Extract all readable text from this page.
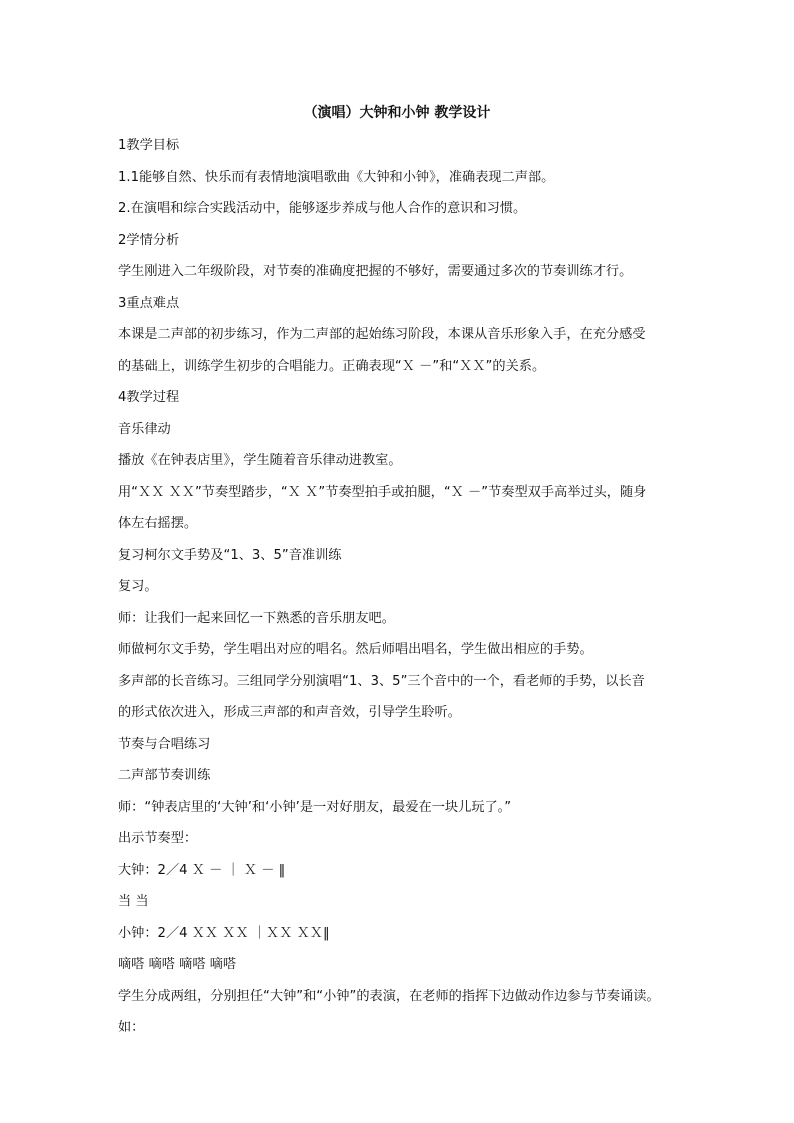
（演唱）大钟和小钟 教学设计
1教学目标
1.1能够自然、快乐而有表情地演唱歌曲《大钟和小钟》，准确表现二声部。
2.在演唱和综合实践活动中，能够逐步养成与他人合作的意识和习惯。
2学情分析
学生刚进入二年级阶段，对节奏的准确度把握的不够好，需要通过多次的节奏训练才行。
3重点难点
本课是二声部的初步练习，作为二声部的起始练习阶段，本课从音乐形象入手，在充分感受
的基础上，训练学生初步的合唱能力。正确表现“Ｘ －”和“ＸＸ”的关系。
4教学过程
音乐律动
播放《在钟表店里》，学生随着音乐律动进教室。
用“ＸＸ ＸＸ”节奏型踏步，“Ｘ Ｘ”节奏型拍手或拍腿，“Ｘ －”节奏型双手高举过头，随身
体左右摇摆。
复习柯尔文手势及“1、3、5”音准训练
复习。
师：让我们一起来回忆一下熟悉的音乐朋友吧。
师做柯尔文手势，学生唱出对应的唱名。然后师唱出唱名，学生做出相应的手势。
多声部的长音练习。三组同学分别演唱“1、3、5”三个音中的一个，看老师的手势，以长音
的形式依次进入，形成三声部的和声音效，引导学生聆听。
节奏与合唱练习
二声部节奏训练
师：“钟表店里的‘大钟’和‘小钟’是一对好朋友，最爱在一块儿玩了。”
出示节奏型：
大钟：2／4 Ｘ － ｜ Ｘ － ‖
当 当
小钟：2／4 ＸＸ ＸＸ ｜ＸＸ ＸＸ‖
嘀嗒 嘀嗒 嘀嗒 嘀嗒
学生分成两组，分别担任“大钟”和“小钟”的表演，在老师的指挥下边做动作边参与节奏诵读。
如：
